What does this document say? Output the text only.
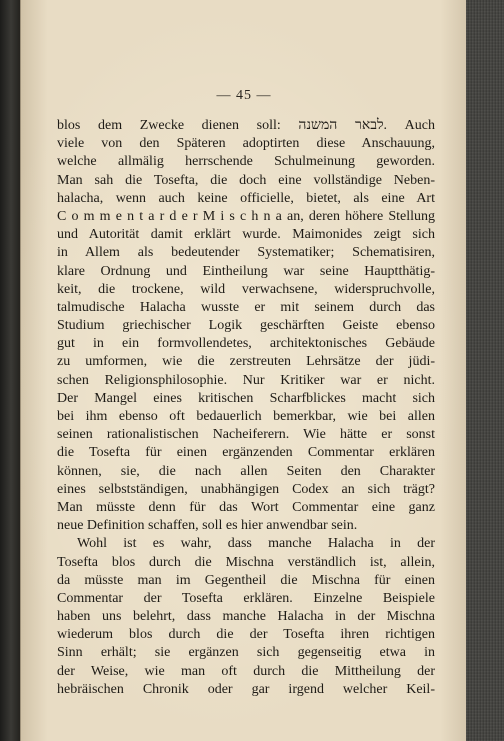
— 45 —
blos dem Zwecke dienen soll: לבאר המשנה. Auch
viele von den Späteren adoptirten diese Anschauung,
welche allmälig herrschende Schulmeinung geworden.
Man sah die Tosefta, die doch eine vollständige Neben-
halacha, wenn auch keine officielle, bietet, als eine Art
C o m m e n t a r d e r M i s c h n a an, deren höhere Stellung
und Autorität damit erklärt wurde. Maimonides zeigt sich
in Allem als bedeutender Systematiker; Schematisiren,
klare Ordnung und Eintheilung war seine Hauptthätig-
keit, die trockene, wild verwachsene, widerspruchvolle,
talmudische Halacha wusste er mit seinem durch das
Studium griechischer Logik geschärften Geiste ebenso
gut in ein formvollendetes, architektonisches Gebäude
zu umformen, wie die zerstreuten Lehrsätze der jüdi-
schen Religionsphilosophie. Nur Kritiker war er nicht.
Der Mangel eines kritischen Scharfblickes macht sich
bei ihm ebenso oft bedauerlich bemerkbar, wie bei allen
seinen rationalistischen Nacheiferern. Wie hätte er sonst
die Tosefta für einen ergänzenden Commentar erklären
können, sie, die nach allen Seiten den Charakter
eines selbstständigen, unabhängigen Codex an sich trägt?
Man müsste denn für das Wort Commentar eine ganz
neue Definition schaffen, soll es hier anwendbar sein.
Wohl ist es wahr, dass manche Halacha in der
Tosefta blos durch die Mischna verständlich ist, allein,
da müsste man im Gegentheil die Mischna für einen
Commentar der Tosefta erklären. Einzelne Beispiele
haben uns belehrt, dass manche Halacha in der Mischna
wiederum blos durch die der Tosefta ihren richtigen
Sinn erhält; sie ergänzen sich gegenseitig etwa in
der Weise, wie man oft durch die Mittheilung der
hebräischen Chronik oder gar irgend welcher Keil-
